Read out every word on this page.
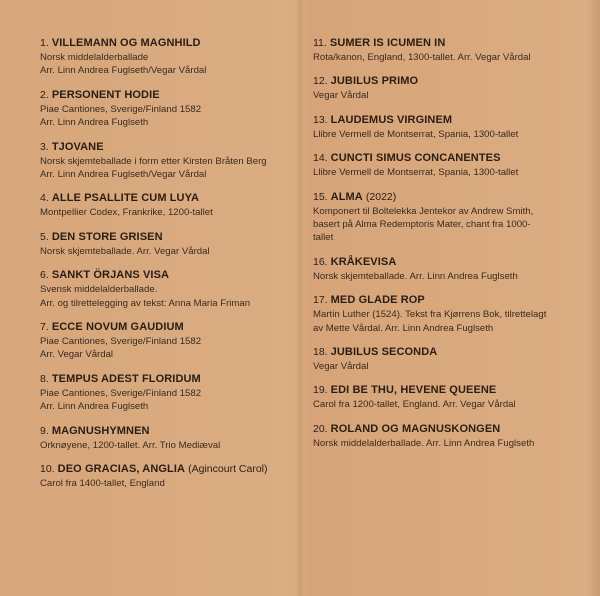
1. VILLEMANN OG MAGNHILD
Norsk middelalderballade
Arr. Linn Andrea Fuglseth/Vegar Vårdal
2. PERSONENT HODIE
Piae Cantiones, Sverige/Finland 1582
Arr. Linn Andrea Fuglseth
3. TJOVANE
Norsk skjemteballade i form etter Kirsten Bråten Berg
Arr. Linn Andrea Fuglseth/Vegar Vårdal
4. ALLE PSALLITE CUM LUYA
Montpellier Codex, Frankrike, 1200-tallet
5. DEN STORE GRISEN
Norsk skjemteballade. Arr. Vegar Vårdal
6. SANKT ÖRJANS VISA
Svensk middelalderballade.
Arr. og tilrettelegging av tekst: Anna Maria Friman
7. ECCE NOVUM GAUDIUM
Piae Cantiones, Sverige/Finland 1582
Arr. Vegar Vårdal
8. TEMPUS ADEST FLORIDUM
Piae Cantiones, Sverige/Finland 1582
Arr. Linn Andrea Fuglseth
9. MAGNUSHYMNEN
Orknøyene, 1200-tallet. Arr. Trio Mediæval
10. DEO GRACIAS, ANGLIA (Agincourt Carol)
Carol fra 1400-tallet, England
11. SUMER IS ICUMEN IN
Rota/kanon, England, 1300-tallet. Arr. Vegar Vårdal
12. JUBILUS PRIMO
Vegar Vårdal
13. LAUDEMUS VIRGINEM
Llibre Vermell de Montserrat, Spania, 1300-tallet
14. CUNCTI SIMUS CONCANENTES
Llibre Vermell de Montserrat, Spania, 1300-tallet
15. ALMA (2022)
Komponert til Boltelekka Jentekor av Andrew Smith,
basert på Alma Redemptoris Mater, chant fra 1000-
tallet
16. KRÅKEVISA
Norsk skjemteballade. Arr. Linn Andrea Fuglseth
17. MED GLADE ROP
Martin Luther (1524). Tekst fra Kjørrens Bok, tilrettelagt
av Mette Vårdal. Arr. Linn Andrea Fuglseth
18. JUBILUS SECONDA
Vegar Vårdal
19. EDI BE THU, HEVENE QUEENE
Carol fra 1200-tallet, England. Arr. Vegar Vårdal
20. ROLAND OG MAGNUSKONGEN
Norsk middelalderballade. Arr. Linn Andrea Fuglseth
